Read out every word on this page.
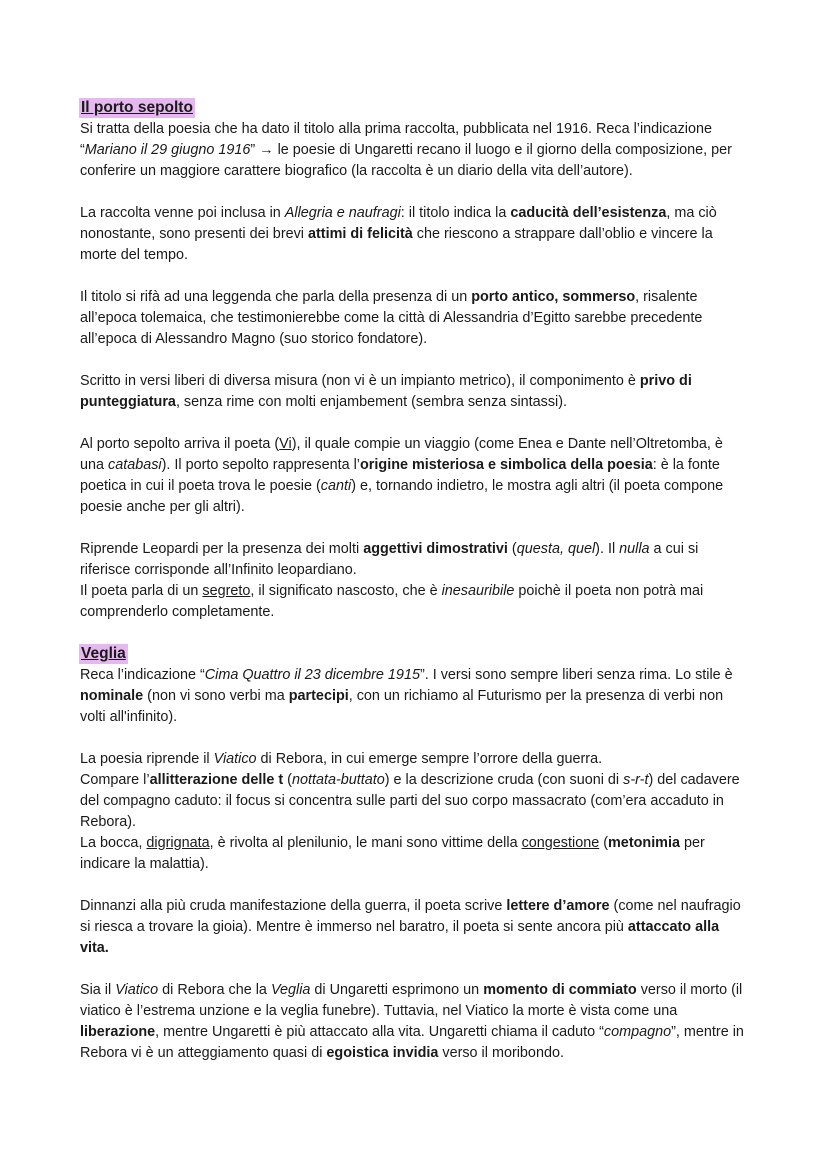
Il porto sepolto

Si tratta della poesia che ha dato il titolo alla prima raccolta, pubblicata nel 1916. Reca l’indicazione “Mariano il 29 giugno 1916” → le poesie di Ungaretti recano il luogo e il giorno della composizione, per conferire un maggiore carattere biografico (la raccolta è un diario della vita dell’autore).

La raccolta venne poi inclusa in Allegria e naufragi: il titolo indica la caducità dell’esistenza, ma ciò nonostante, sono presenti dei brevi attimi di felicità che riescono a strappare dall’oblio e vincere la morte del tempo.

Il titolo si rifà ad una leggenda che parla della presenza di un porto antico, sommerso, risalente all’epoca tolemaica, che testimonierebbe come la città di Alessandria d’Egitto sarebbe precedente all’epoca di Alessandro Magno (suo storico fondatore).

Scritto in versi liberi di diversa misura (non vi è un impianto metrico), il componimento è privo di punteggiatura, senza rime con molti enjambement (sembra senza sintassi).

Al porto sepolto arriva il poeta (Vi), il quale compie un viaggio (come Enea e Dante nell’Oltretomba, è una catabasi). Il porto sepolto rappresenta l’origine misteriosa e simbolica della poesia: è la fonte poetica in cui il poeta trova le poesie (canti) e, tornando indietro, le mostra agli altri (il poeta compone poesie anche per gli altri).

Riprende Leopardi per la presenza dei molti aggettivi dimostrativi (questa, quel). Il nulla a cui si riferisce corrisponde all’Infinito leopardiano.

Il poeta parla di un segreto, il significato nascosto, che è inesauribile poichè il poeta non potrà mai comprenderlo completamente.

Veglia

Reca l’indicazione “Cima Quattro il 23 dicembre 1915”. I versi sono sempre liberi senza rima. Lo stile è nominale (non vi sono verbi ma partecipi, con un richiamo al Futurismo per la presenza di verbi non volti all'infinito).

La poesia riprende il Viatico di Rebora, in cui emerge sempre l’orrore della guerra.

Compare l’allitterazione delle t (nottata-buttato) e la descrizione cruda (con suoni di s-r-t) del cadavere del compagno caduto: il focus si concentra sulle parti del suo corpo massacrato (com’era accaduto in Rebora).

La bocca, digrignata, è rivolta al plenilunio, le mani sono vittime della congestione (metonimia per indicare la malattia).

Dinnanzi alla più cruda manifestazione della guerra, il poeta scrive lettere d’amore (come nel naufragio si riesca a trovare la gioia). Mentre è immerso nel baratro, il poeta si sente ancora più attaccato alla vita.

Sia il Viatico di Rebora che la Veglia di Ungaretti esprimono un momento di commiato verso il morto (il viatico è l’estrema unzione e la veglia funebre). Tuttavia, nel Viatico la morte è vista come una liberazione, mentre Ungaretti è più attaccato alla vita. Ungaretti chiama il caduto “compagno”, mentre in Rebora vi è un atteggiamento quasi di egoistica invidia verso il moribondo.
